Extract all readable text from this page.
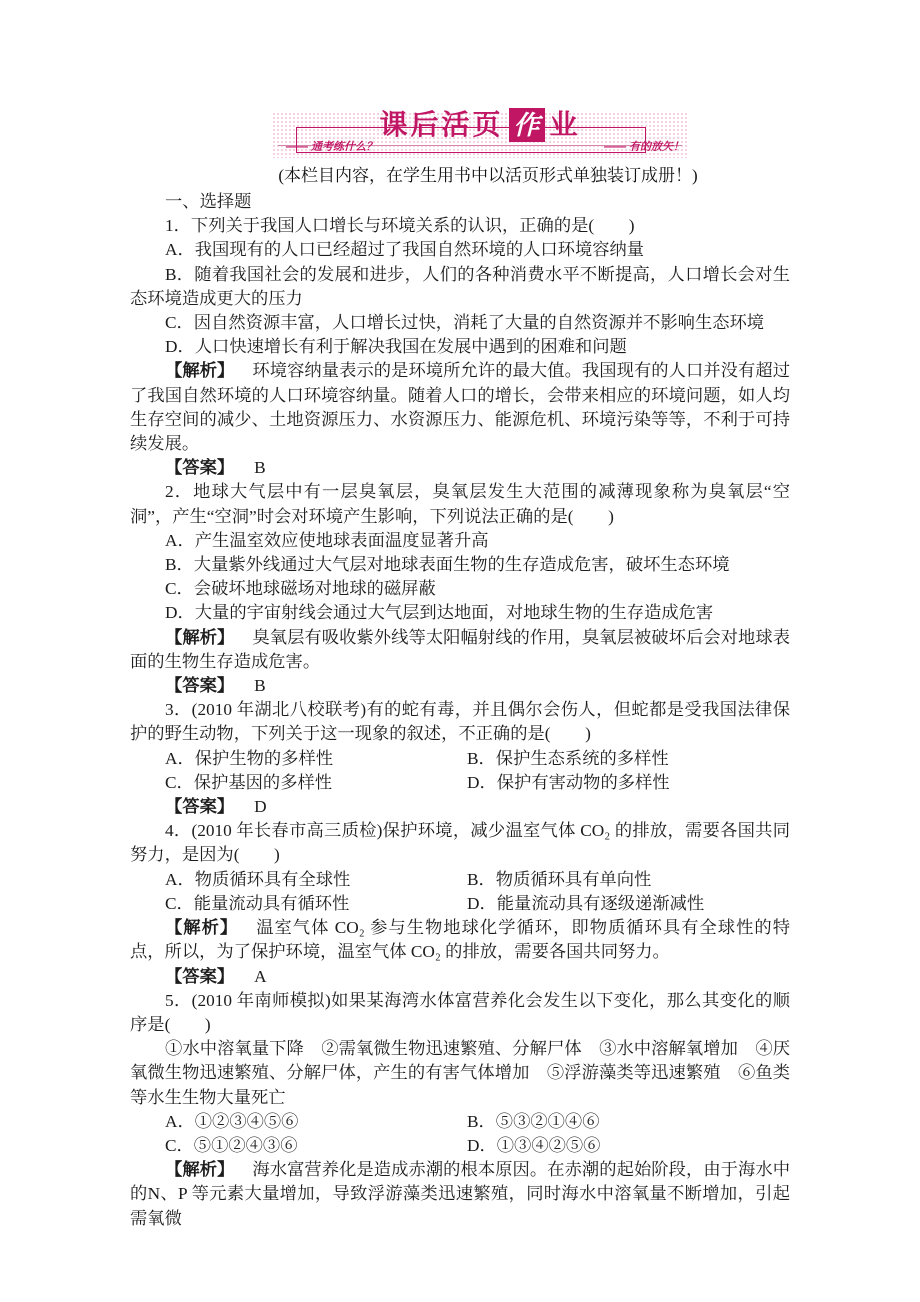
课后活页 作 业
—— 通考练什么？	—— 有的放矢！
(本栏目内容，在学生用书中以活页形式单独装订成册！)

一、选择题

1．下列关于我国人口增长与环境关系的认识，正确的是(　　)

A．我国现有的人口已经超过了我国自然环境的人口环境容纳量

B．随着我国社会的发展和进步，人们的各种消费水平不断提高，人口增长会对生态环境造成更大的压力

C．因自然资源丰富，人口增长过快，消耗了大量的自然资源并不影响生态环境

D．人口快速增长有利于解决我国在发展中遇到的困难和问题

【解析】 环境容纳量表示的是环境所允许的最大值。我国现有的人口并没有超过了我国自然环境的人口环境容纳量。随着人口的增长，会带来相应的环境问题，如人均生存空间的减少、土地资源压力、水资源压力、能源危机、环境污染等等，不利于可持续发展。

【答案】 B

2．地球大气层中有一层臭氧层，臭氧层发生大范围的减薄现象称为臭氧层“空洞”，产生“空洞”时会对环境产生影响，下列说法正确的是(　　)

A．产生温室效应使地球表面温度显著升高

B．大量紫外线通过大气层对地球表面生物的生存造成危害，破坏生态环境

C．会破坏地球磁场对地球的磁屏蔽

D．大量的宇宙射线会通过大气层到达地面，对地球生物的生存造成危害

【解析】 臭氧层有吸收紫外线等太阳幅射线的作用，臭氧层被破坏后会对地球表面的生物生存造成危害。

【答案】 B

3．(2010 年湖北八校联考)有的蛇有毒，并且偶尔会伤人，但蛇都是受我国法律保护的野生动物，下列关于这一现象的叙述，不正确的是(　　)

A．保护生物的多样性	B．保护生态系统的多样性
C．保护基因的多样性	D．保护有害动物的多样性

【答案】 D

4．(2010 年长春市高三质检)保护环境，减少温室气体 CO₂ 的排放，需要各国共同努力，是因为(　　)

A．物质循环具有全球性	B．物质循环具有单向性
C．能量流动具有循环性	D．能量流动具有逐级递渐减性

【解析】 温室气体 CO₂ 参与生物地球化学循环，即物质循环具有全球性的特点，所以，为了保护环境，温室气体 CO₂ 的排放，需要各国共同努力。

【答案】 A

5．(2010 年南师模拟)如果某海湾水体富营养化会发生以下变化，那么其变化的顺序是(　　)

①水中溶氧量下降　②需氧微生物迅速繁殖、分解尸体　③水中溶解氧增加　④厌氧微生物迅速繁殖、分解尸体，产生的有害气体增加　⑤浮游藻类等迅速繁殖　⑥鱼类等水生生物大量死亡

A．①②③④⑤⑥	B．⑤③②①④⑥
C．⑤①②④③⑥	D．①③④②⑤⑥

【解析】 海水富营养化是造成赤潮的根本原因。在赤潮的起始阶段，由于海水中的N、P 等元素大量增加，导致浮游藻类迅速繁殖，同时海水中溶氧量不断增加，引起需氧微
